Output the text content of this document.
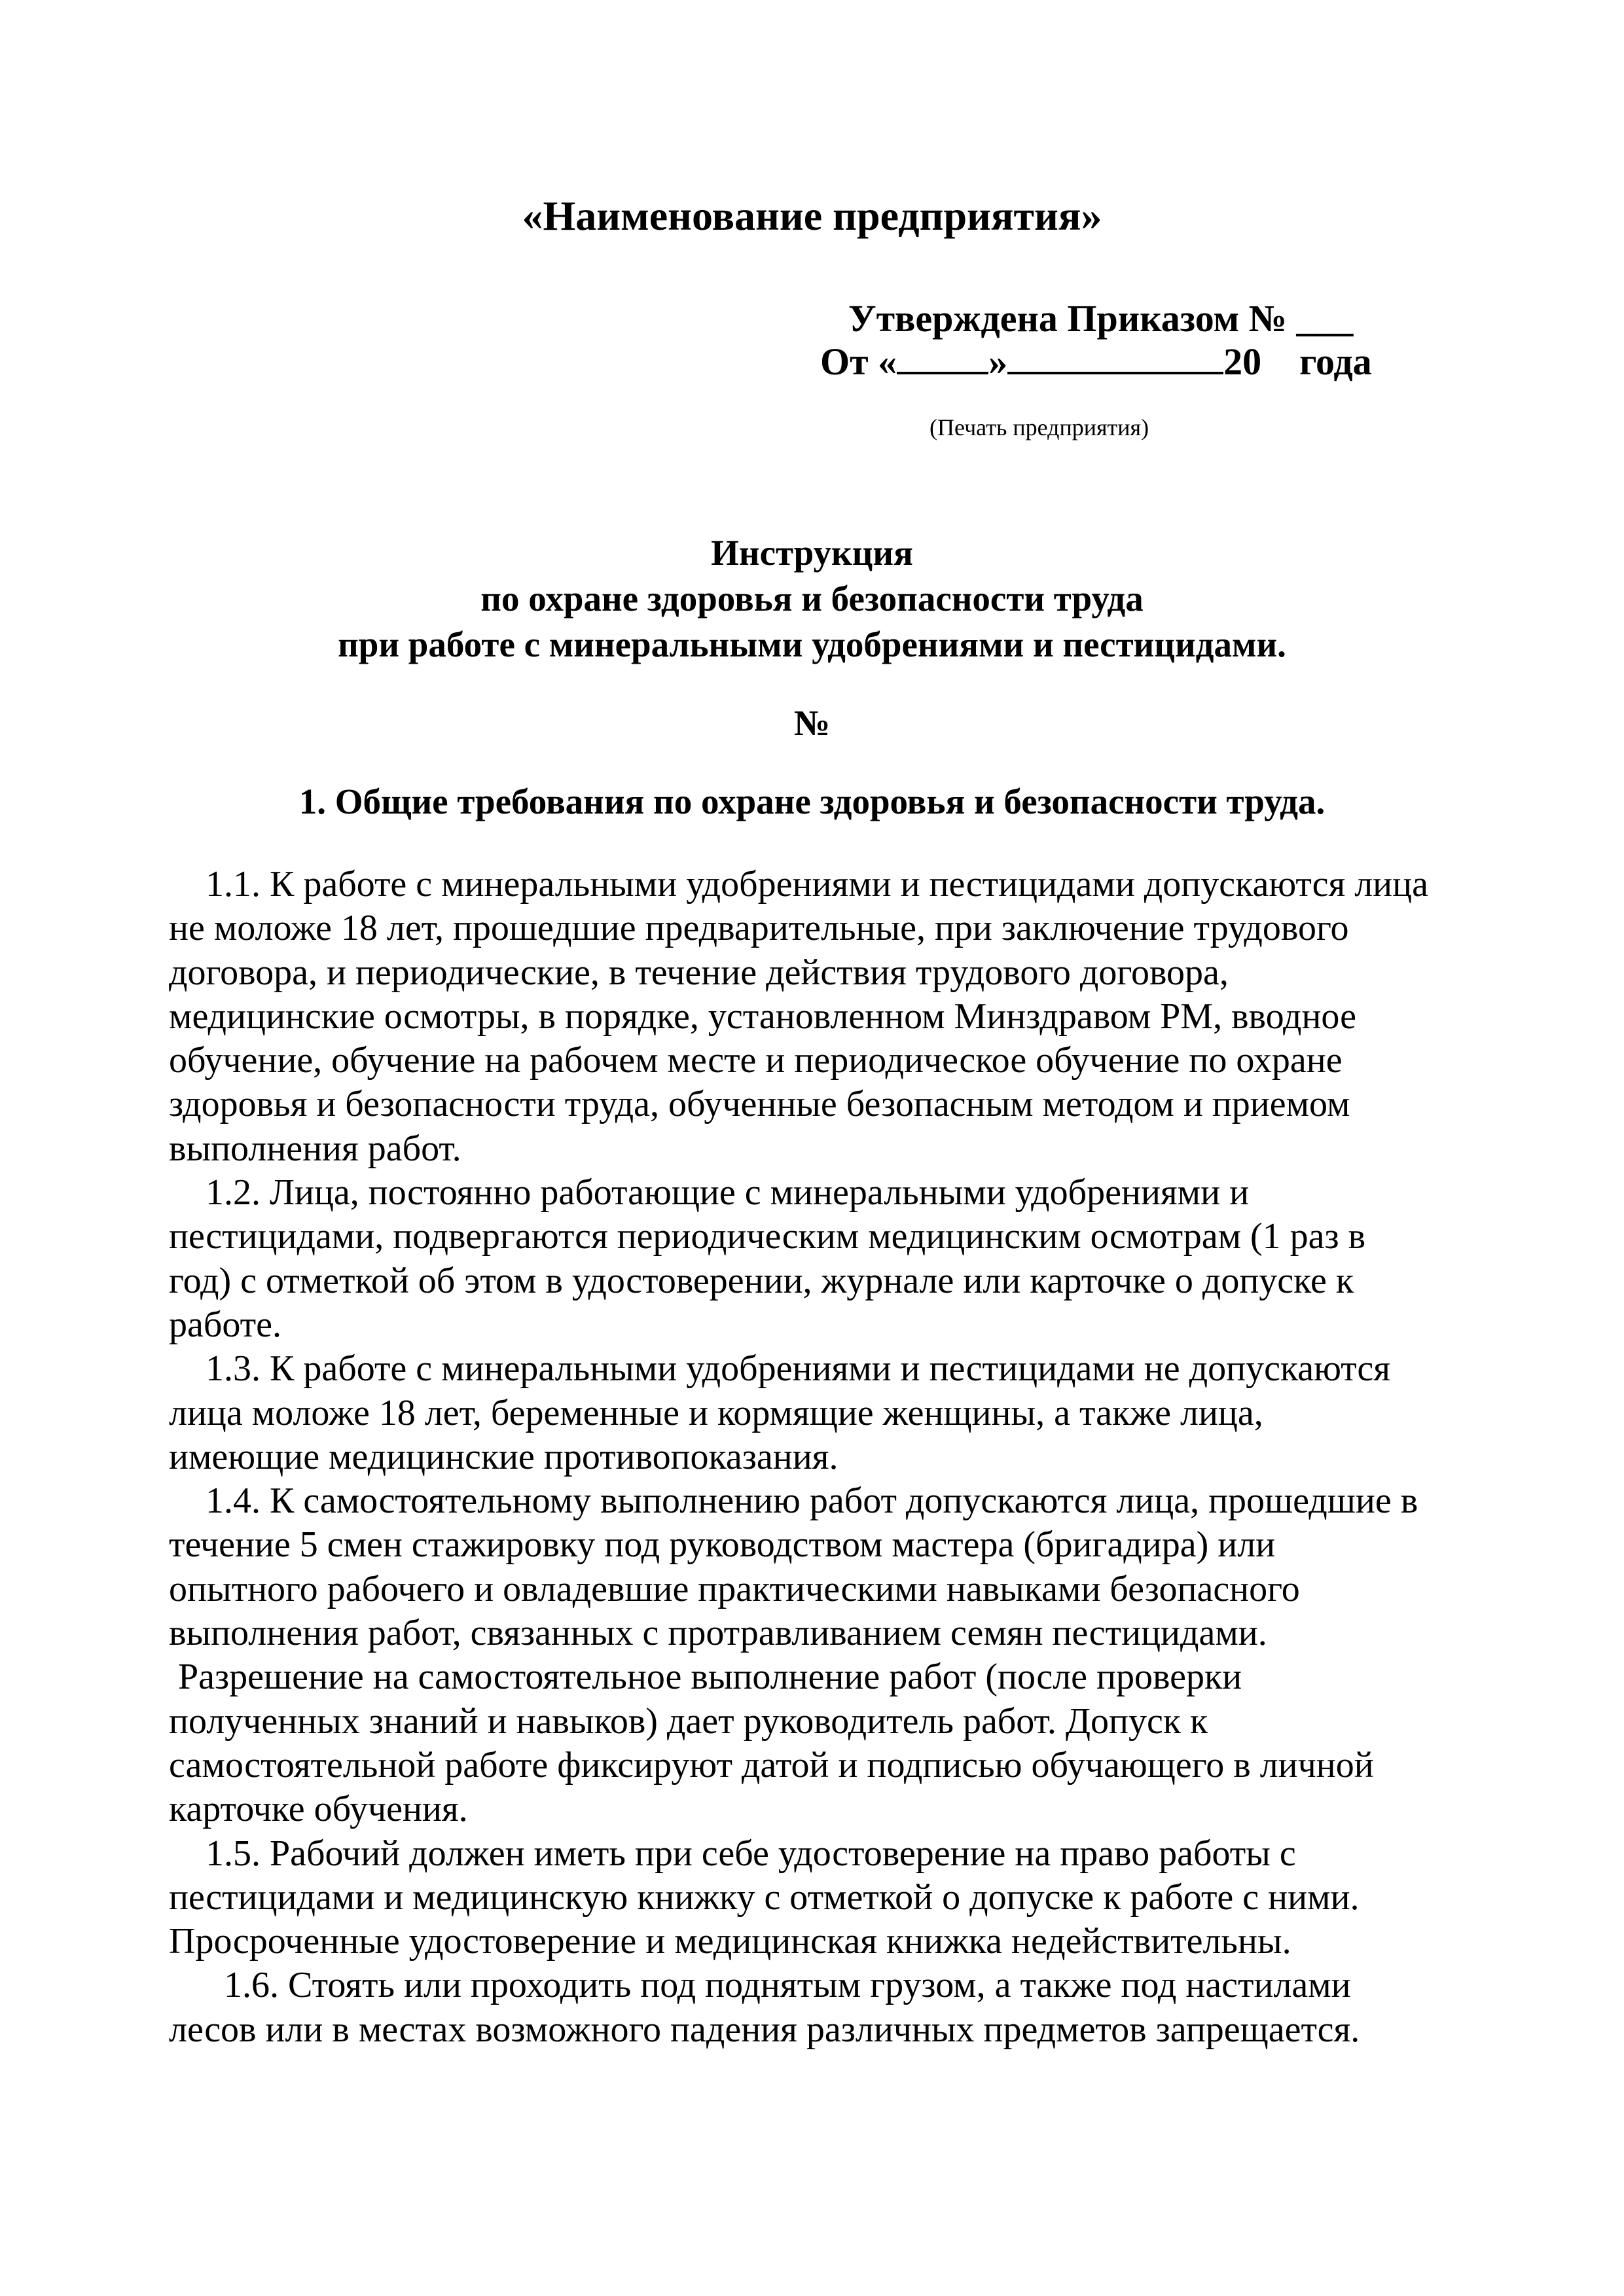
«Наименование предприятия»
Утверждена Приказом № ___
От « »	20 года
(Печать предприятия)
Инструкция
по охране здоровья и безопасности труда
при работе с минеральными удобрениями и пестицидами.
№
1. Общие требования по охране здоровья и безопасности труда.
1.1. К работе с минеральными удобрениями и пестицидами допускаются лица
не моложе 18 лет, прошедшие предварительные, при заключение трудового
договора, и периодические, в течение действия трудового договора,
медицинские осмотры, в порядке, установленном Минздравом РМ, вводное
обучение, обучение на рабочем месте и периодическое обучение по охране
здоровья и безопасности труда, обученные безопасным методом и приемом
выполнения работ.
1.2. Лица, постоянно работающие с минеральными удобрениями и
пестицидами, подвергаются периодическим медицинским осмотрам (1 раз в
год) с отметкой об этом в удостоверении, журнале или карточке о допуске к
работе.
1.3. К работе с минеральными удобрениями и пестицидами не допускаются
лица моложе 18 лет, беременные и кормящие женщины, а также лица,
имеющие медицинские противопоказания.
1.4. К самостоятельному выполнению работ допускаются лица, прошедшие в
течение 5 смен стажировку под руководством мастера (бригадира) или
опытного рабочего и овладевшие практическими навыками безопасного
выполнения работ, связанных с протравливанием семян пестицидами.
Разрешение на самостоятельное выполнение работ (после проверки
полученных знаний и навыков) дает руководитель работ. Допуск к
самостоятельной работе фиксируют датой и подписью обучающего в личной
карточке обучения.
1.5. Рабочий должен иметь при себе удостоверение на право работы с
пестицидами и медицинскую книжку с отметкой о допуске к работе с ними.
Просроченные удостоверение и медицинская книжка недействительны.
1.6. Стоять или проходить под поднятым грузом, а также под настилами
лесов или в местах возможного падения различных предметов запрещается.
